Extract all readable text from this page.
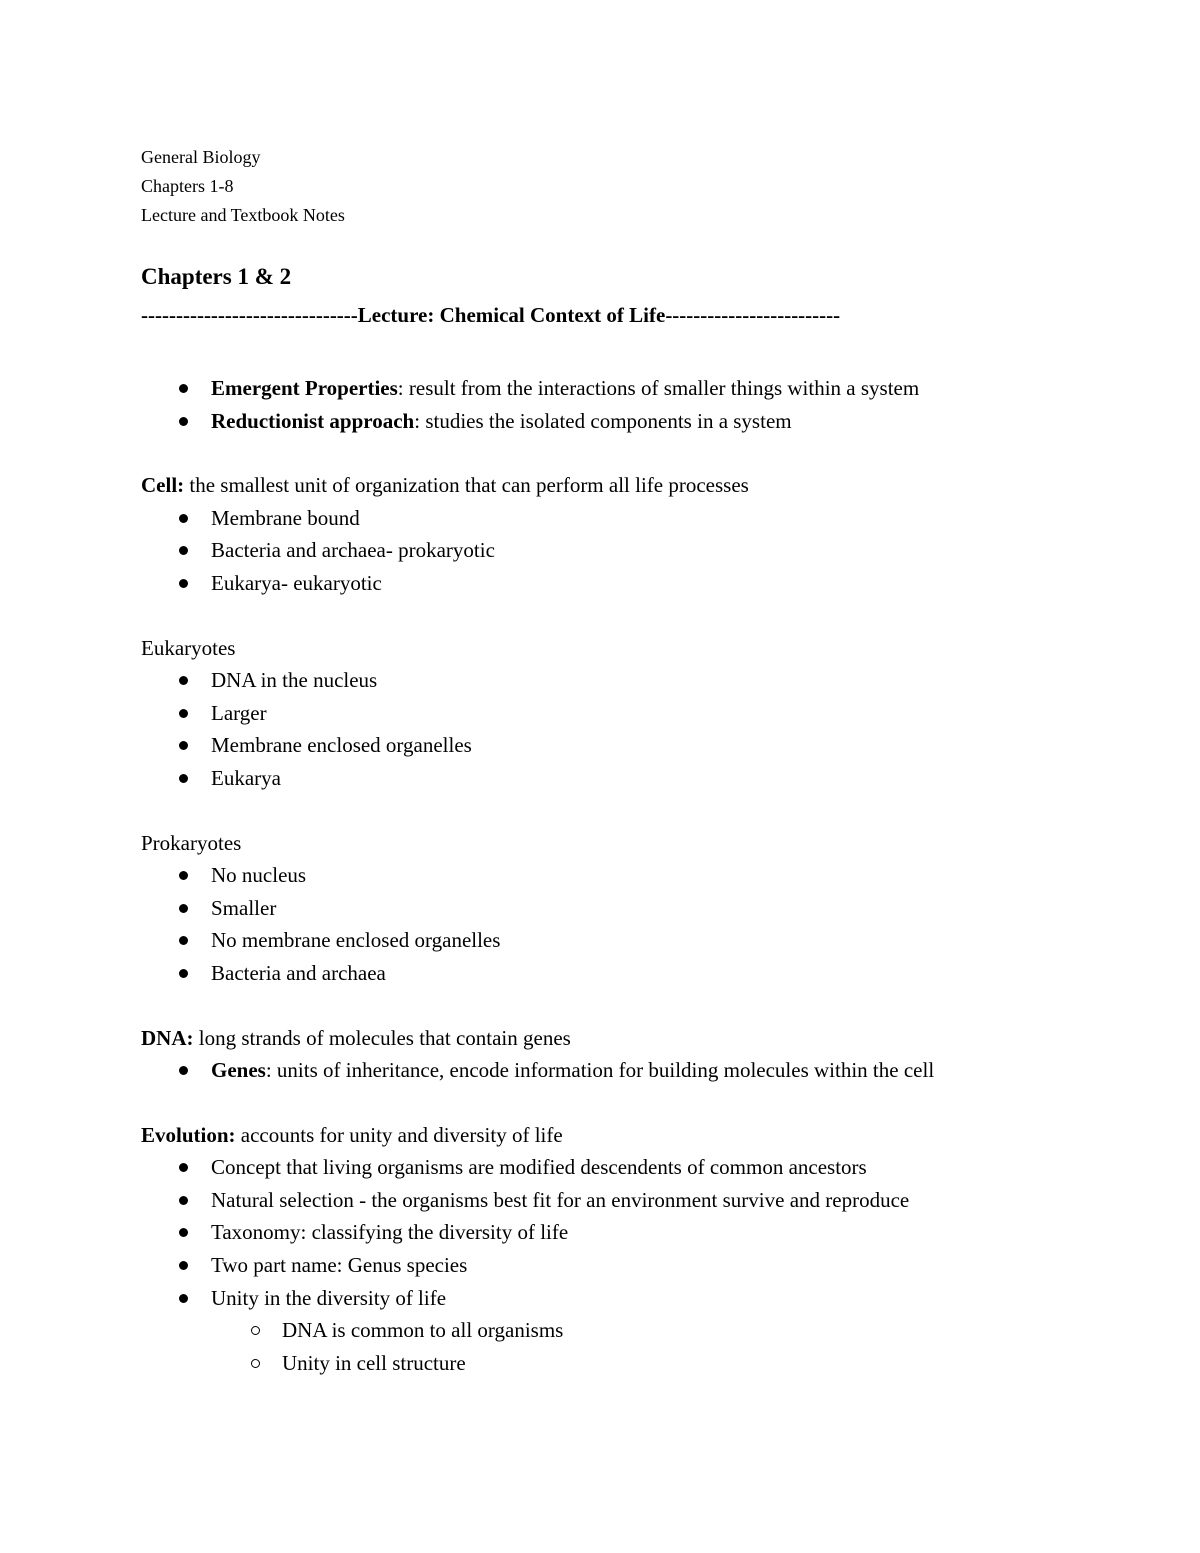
General Biology
Chapters 1-8
Lecture and Textbook Notes
Chapters 1 & 2
-------------------------------Lecture: Chemical Context of Life-------------------------
Emergent Properties: result from the interactions of smaller things within a system
Reductionist approach: studies the isolated components in a system
Cell: the smallest unit of organization that can perform all life processes
Membrane bound
Bacteria and archaea- prokaryotic
Eukarya- eukaryotic
Eukaryotes
DNA in the nucleus
Larger
Membrane enclosed organelles
Eukarya
Prokaryotes
No nucleus
Smaller
No membrane enclosed organelles
Bacteria and archaea
DNA: long strands of molecules that contain genes
Genes: units of inheritance, encode information for building molecules within the cell
Evolution: accounts for unity and diversity of life
Concept that living organisms are modified descendents of common ancestors
Natural selection - the organisms best fit for an environment survive and reproduce
Taxonomy: classifying the diversity of life
Two part name: Genus species
Unity in the diversity of life
DNA is common to all organisms
Unity in cell structure
